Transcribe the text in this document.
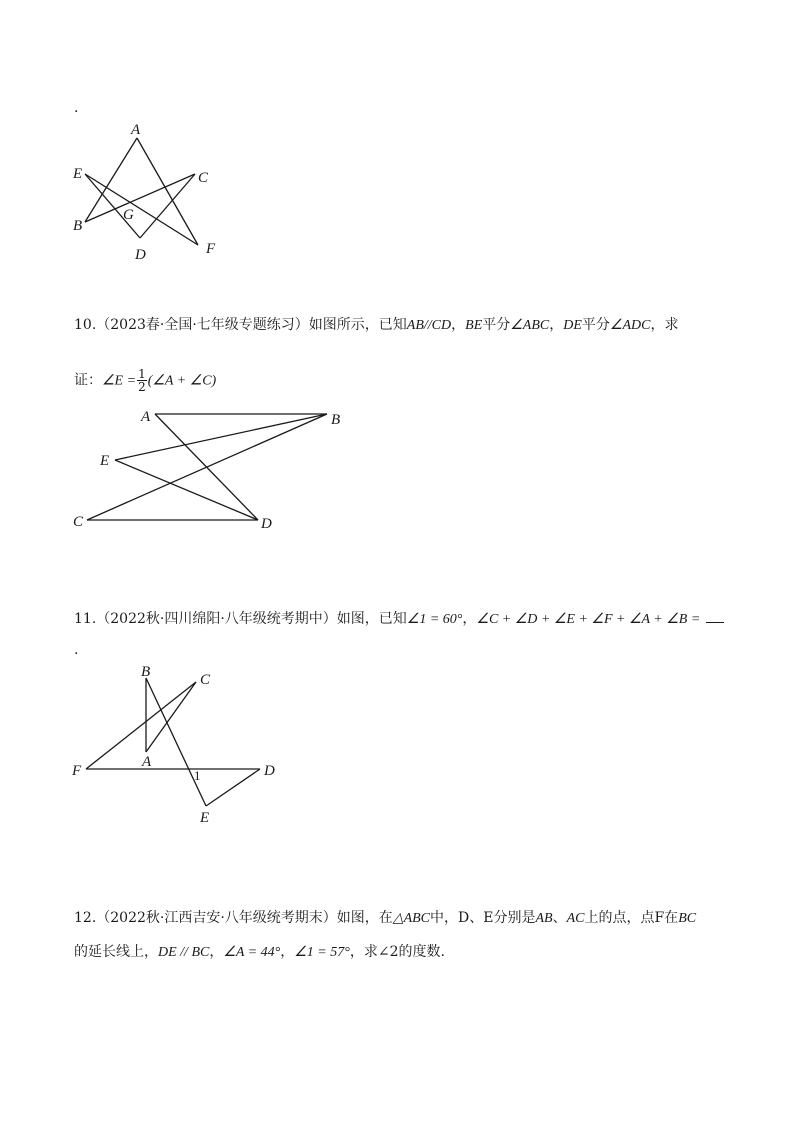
.
A
C
E
G
B
D	F
10.（2023春·全国·七年级专题练习）如图所示，已知AB//CD，BE平分∠ABC，DE平分∠ADC，求
证：∠E = $\frac{1}{2}$ (∠A + ∠C)
A	B
E
C	D
11.（2022秋·四川绵阳·八年级统考期中）如图，已知∠1 = 60°，∠C + ∠D + ∠E + ∠F + ∠A + ∠B =
.
B	C
A
F	1	D
E
12.（2022秋·江西吉安·八年级统考期末）如图，在△ABC中，D、E分别是AB、AC上的点，点F在BC
的延长线上，DE // BC，∠A = 44°，∠1 = 57°，求∠2的度数.
